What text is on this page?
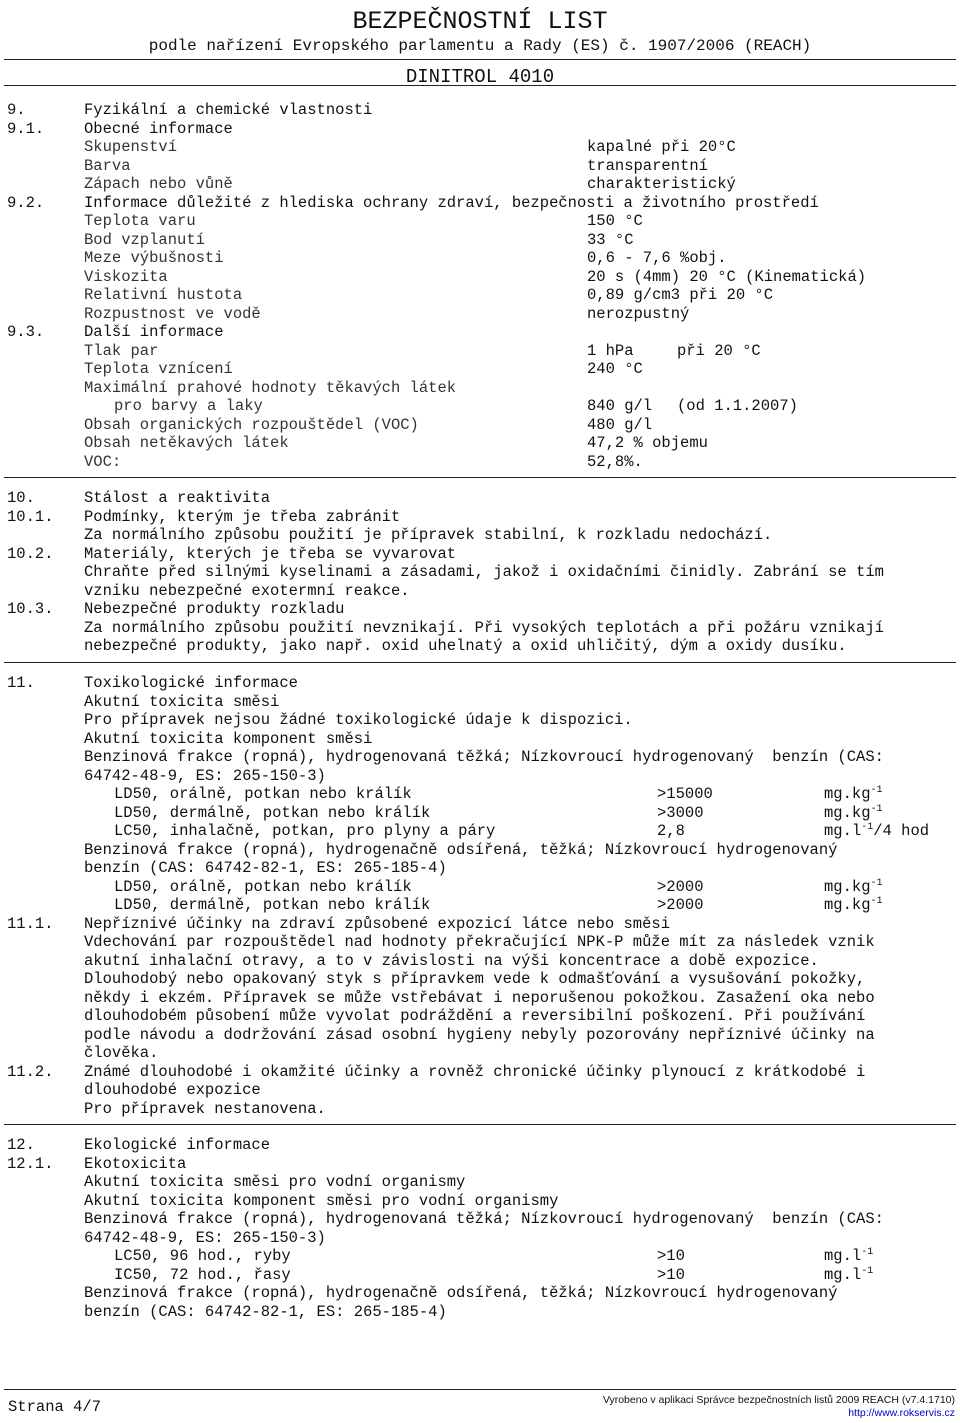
BEZPEČNOSTNÍ LIST
podle nařízení Evropského parlamentu a Rady (ES) č. 1907/2006 (REACH)
DINITROL 4010
9.	Fyzikální a chemické vlastnosti
9.1.	Obecné informace
Skupenství	kapalné při 20°C
Barva	transparentní
Zápach nebo vůně	charakteristický
9.2.	Informace důležité z hlediska ochrany zdraví, bezpečnosti a životního prostředí
Teplota varu	150 °C
Bod vzplanutí	33 °C
Meze výbušnosti	0,6 - 7,6 %obj.
Viskozita	20 s (4mm) 20 °C (Kinematická)
Relativní hustota	0,89 g/cm3 při 20 °C
Rozpustnost ve vodě	nerozpustný
9.3.	Další informace
Tlak par	1 hPa	při 20 °C
Teplota vznícení	240 °C
Maximální prahové hodnoty těkavých látek
pro barvy a laky	840 g/l (od 1.1.2007)
Obsah organických rozpouštědel (VOC)	480 g/l
Obsah netěkavých látek	47,2 % objemu
VOC:	52,8%.
10.	Stálost a reaktivita
10.1. Podmínky, kterým je třeba zabránit
Za normálního způsobu použití je přípravek stabilní, k rozkladu nedochází.
10.2. Materiály, kterých je třeba se vyvarovat
Chraňte před silnými kyselinami a zásadami, jakož i oxidačními činidly. Zabrání se tím
vzniku nebezpečné exotermní reakce.
10.3. Nebezpečné produkty rozkladu
Za normálního způsobu použití nevznikají. Při vysokých teplotách a při požáru vznikají
nebezpečné produkty, jako např. oxid uhelnatý a oxid uhličitý, dým a oxidy dusíku.
11.	Toxikologické informace
Akutní toxicita směsi
Pro přípravek nejsou žádné toxikologické údaje k dispozici.
Akutní toxicita komponent směsi
Benzinová frakce (ropná), hydrogenovaná těžká; Nízkovroucí hydrogenovaný  benzín (CAS:
64742-48-9, ES: 265-150-3)
LD50, orálně, potkan nebo králík	>15000	$mg.kg^{-1}$
LD50, dermálně, potkan nebo králík	>3000	$mg.kg^{-1}$
LC50, inhalačně, potkan, pro plyny a páry	2,8	$mg.l^{-1}/4$ hod
Benzinová frakce (ropná), hydrogenačně odsířená, těžká; Nízkovroucí hydrogenovaný
benzín (CAS: 64742-82-1, ES: 265-185-4)
LD50, orálně, potkan nebo králík	>2000	$mg.kg^{-1}$
LD50, dermálně, potkan nebo králík	>2000	$mg.kg^{-1}$
11.1. Nepříznivé účinky na zdraví způsobené expozicí látce nebo směsi
Vdechování par rozpouštědel nad hodnoty překračující NPK-P může mít za následek vznik
akutní inhalační otravy, a to v závislosti na výši koncentrace a době expozice.
Dlouhodobý nebo opakovaný styk s přípravkem vede k odmašťování a vysušování pokožky,
někdy i ekzém. Přípravek se může vstřebávat i neporušenou pokožkou. Zasažení oka nebo
dlouhodobém působení můžе vyvolat podráždění a reversibilní poškození. Při používání
podle návodu a dodržování zásad osobní hygieny nebyly pozorovány nepříznivé účinky na
člověka.
11.2. Známé dlouhodobé i okamžité účinky a rovněž chronické účinky plynoucí z krátkodobé i
dlouhodobé expozice
Pro přípravek nestanovena.
12.	Ekologické informace
12.1. Ekotoxicita
Akutní toxicita směsi pro vodní organismy
Akutní toxicita komponent směsi pro vodní organismy
Benzinová frakce (ropná), hydrogenovaná těžká; Nízkovroucí hydrogenovaný  benzín (CAS:
64742-48-9, ES: 265-150-3)
LC50, 96 hod., ryby	>10	$mg.l^{-1}$
IC50, 72 hod., řasy	>10	$mg.l^{-1}$
Benzinová frakce (ropná), hydrogenačně odsířená, těžká; Nízkovroucí hydrogenovaný
benzín (CAS: 64742-82-1, ES: 265-185-4)
Strana 4/7	Vyrobeno v aplikaci Správce bezpečnostních listů 2009 REACH (v7.4.1710)
http://www.rokservis.cz
